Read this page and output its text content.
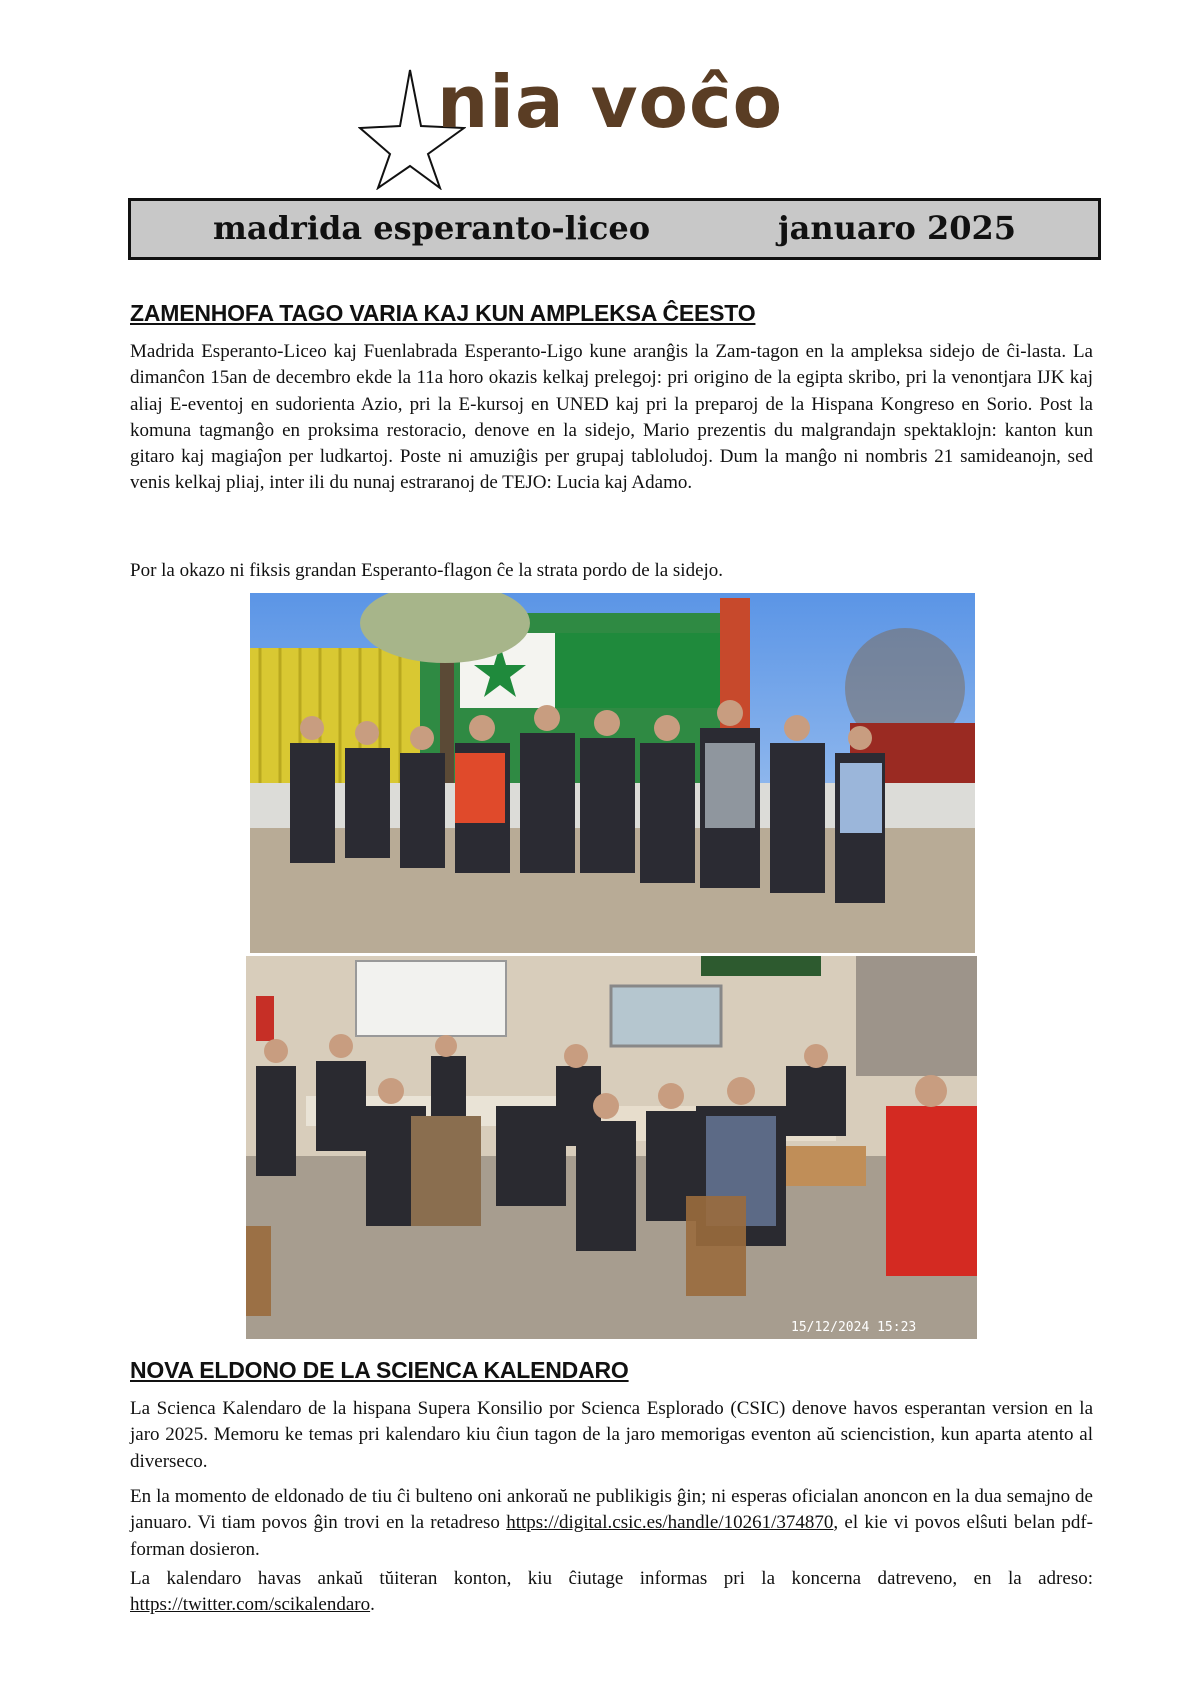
nia voĉo
madrida esperanto-liceo	januaro 2025
ZAMENHOFA TAGO VARIA KAJ KUN AMPLEKSA ĈEESTO

Madrida Esperanto-Liceo kaj Fuenlabrada Esperanto-Ligo kune aranĝis la Zam-tagon en la ampleksa sidejo de ĉi-lasta. La dimanĉon 15an de decembro ekde la 11a horo okazis kelkaj prelegoj: pri origino de la egipta skribo, pri la venontjara IJK kaj aliaj E-eventoj en sudorienta Azio, pri la E-kursoj en UNED kaj pri la preparoj de la Hispana Kongreso en Sorio. Post la komuna tagmanĝo en proksima restoracio, denove en la sidejo, Mario prezentis du malgrandajn spektaklojn: kanton kun gitaro kaj magiaĵon per ludkartoj. Poste ni amuziĝis per grupaj tabloludoj. Dum la manĝo ni nombris 21 samideanojn, sed venis kelkaj pliaj, inter ili du nunaj estraranoj de TEJO: Lucia kaj Adamo.

Por la okazo ni fiksis grandan Esperanto-flagon ĉe la strata pordo de la sidejo.

15/12/2024 15:23
NOVA ELDONO DE LA SCIENCA KALENDARO

La Scienca Kalendaro de la hispana Supera Konsilio por Scienca Esplorado (CSIC) denove havos esperantan version en la jaro 2025. Memoru ke temas pri kalendaro kiu ĉiun tagon de la jaro memorigas eventon aŭ sciencistion, kun aparta atento al diverseco.

En la momento de eldonado de tiu ĉi bulteno oni ankoraŭ ne publikigis ĝin; ni esperas oficialan anoncon en la dua semajno de januaro. Vi tiam povos ĝin trovi en la retadreso https://digital.csic.es/handle/10261/374870, el kie vi povos elŝuti belan pdf-forman dosieron.

La kalendaro havas ankaŭ tŭiteran konton, kiu ĉiutage informas pri la koncerna datreveno, en la adreso: https://twitter.com/scikalendaro.
